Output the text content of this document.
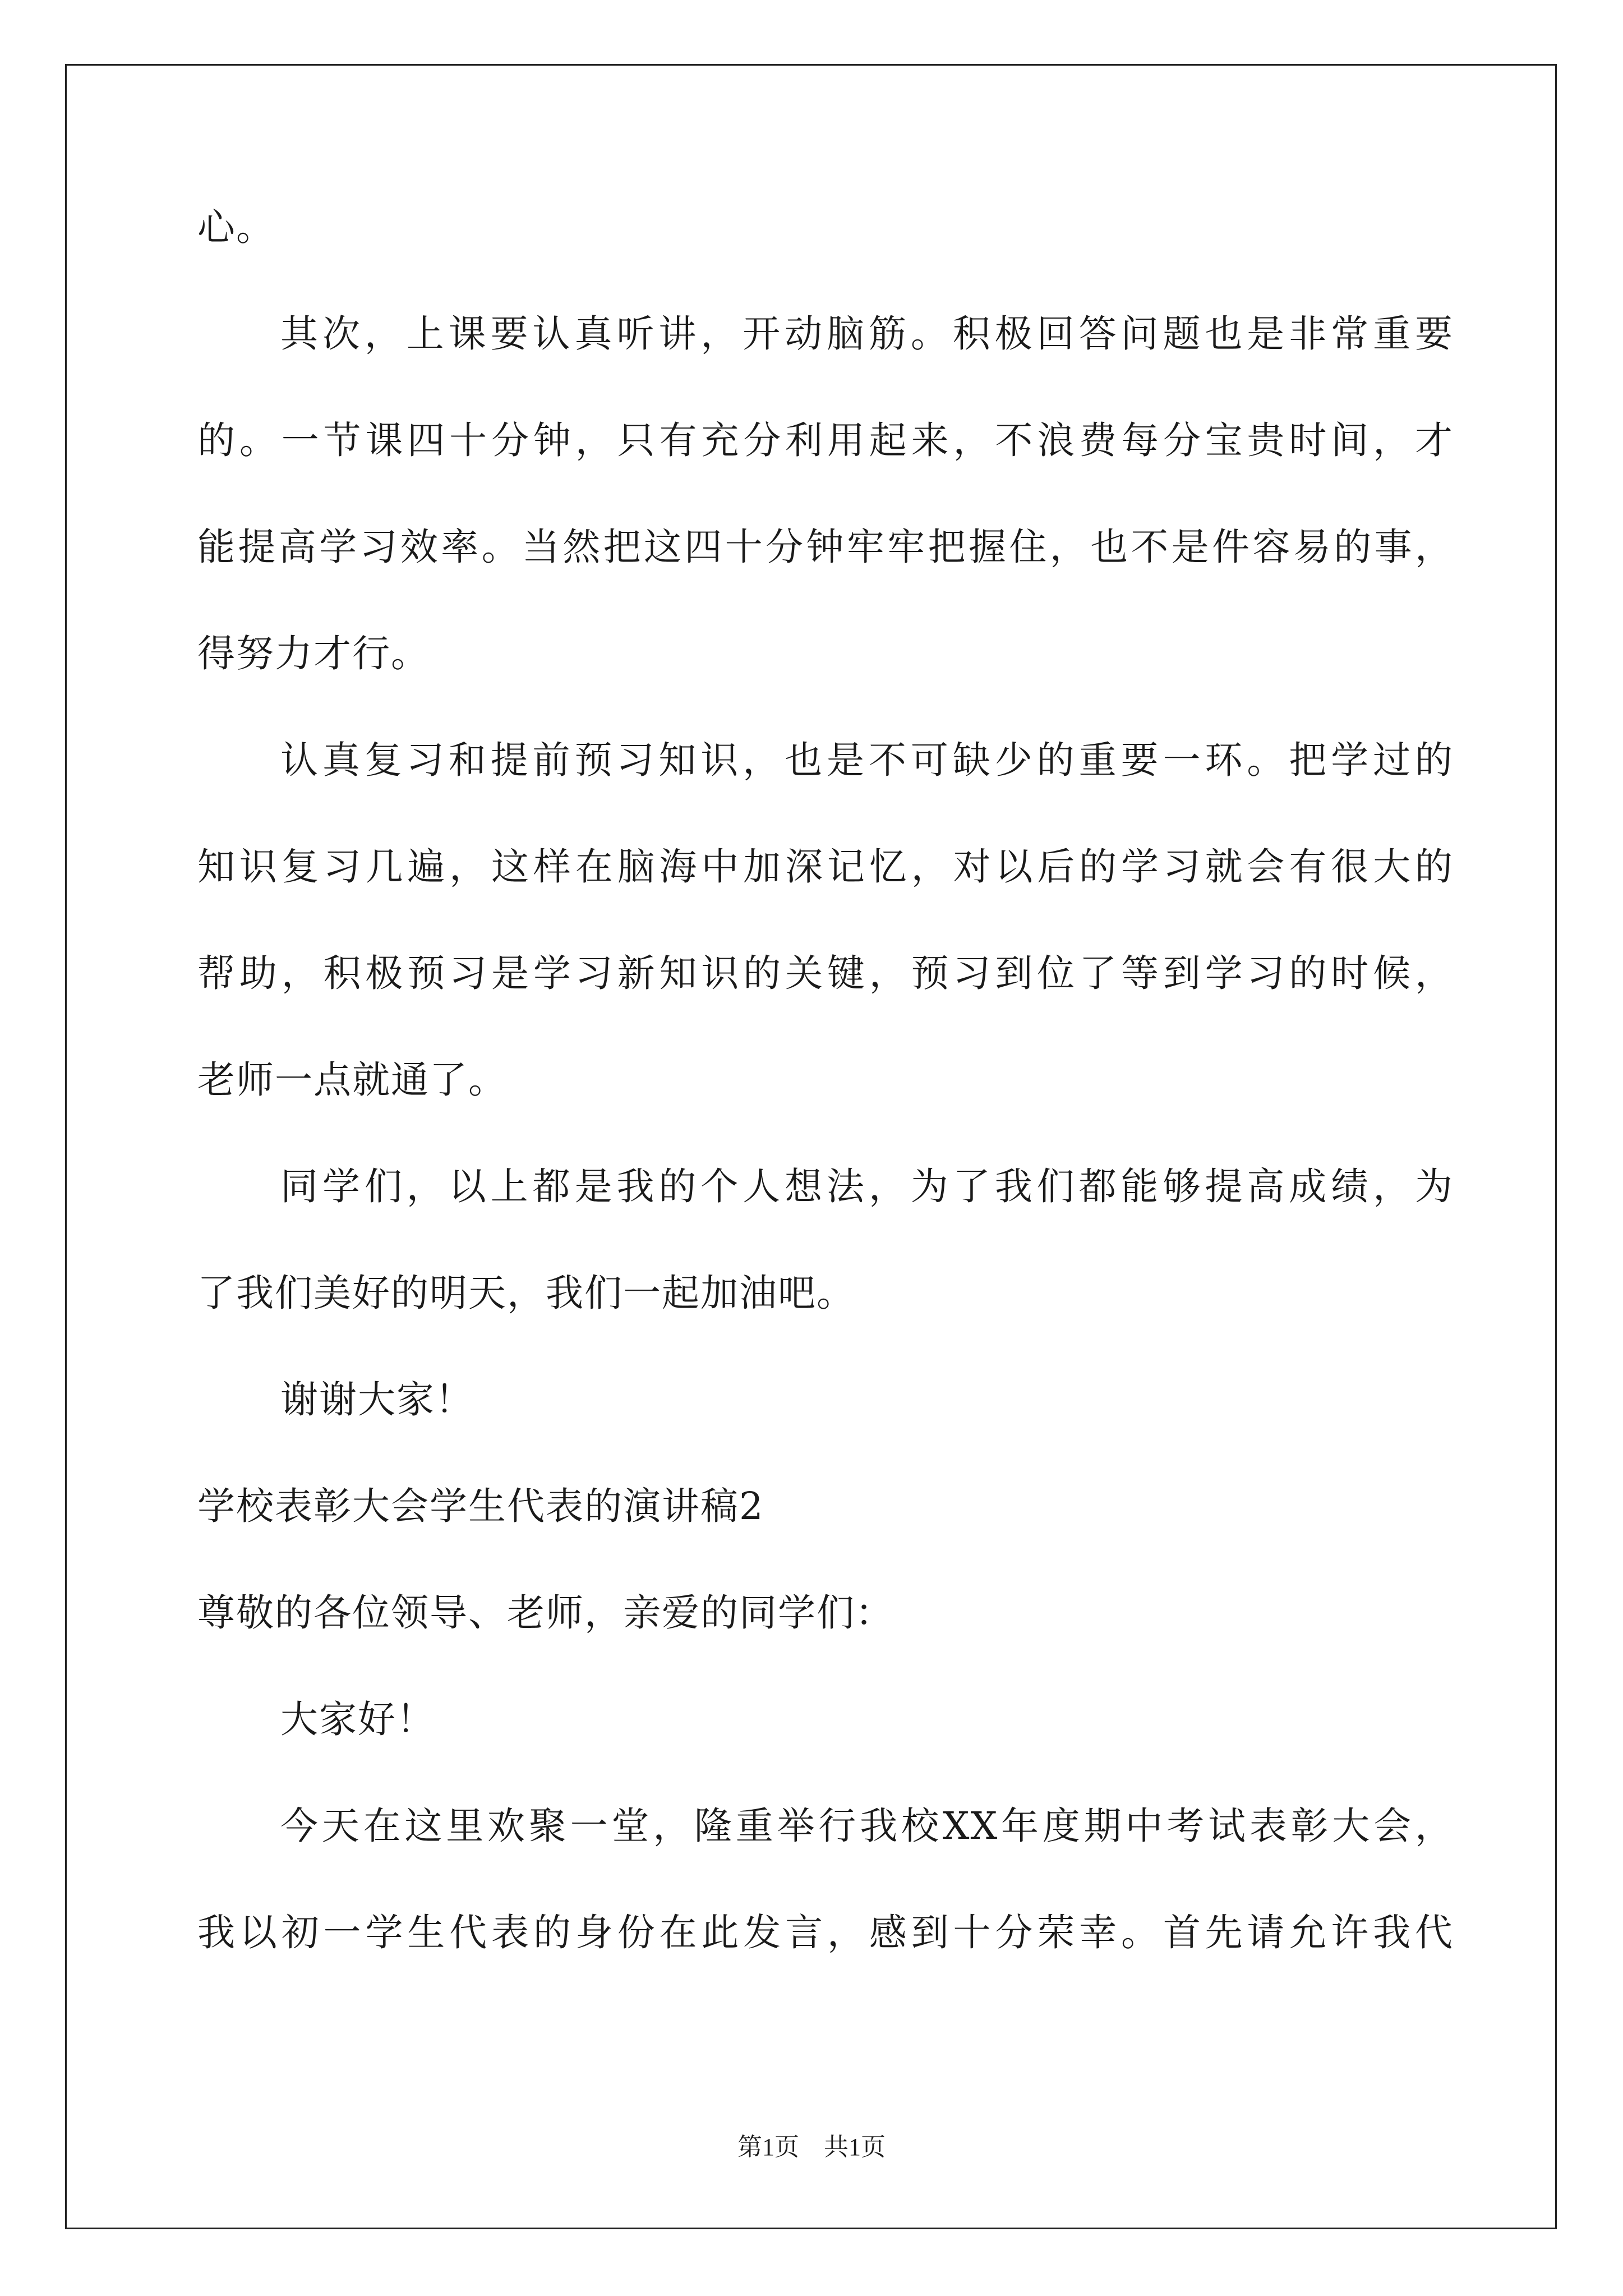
心。
其次，上课要认真听讲，开动脑筋。积极回答问题也是非常重要
的。一节课四十分钟，只有充分利用起来，不浪费每分宝贵时间，才
能提高学习效率。当然把这四十分钟牢牢把握住，也不是件容易的事，
得努力才行。
认真复习和提前预习知识，也是不可缺少的重要一环。把学过的
知识复习几遍，这样在脑海中加深记忆，对以后的学习就会有很大的
帮助，积极预习是学习新知识的关键，预习到位了等到学习的时候，
老师一点就通了。
同学们，以上都是我的个人想法，为了我们都能够提高成绩，为
了我们美好的明天，我们一起加油吧。
谢谢大家！
学校表彰大会学生代表的演讲稿2
尊敬的各位领导、老师，亲爱的同学们：
大家好！
今天在这里欢聚一堂，隆重举行我校XX年度期中考试表彰大会，
我以初一学生代表的身份在此发言，感到十分荣幸。首先请允许我代
第1页　共1页
